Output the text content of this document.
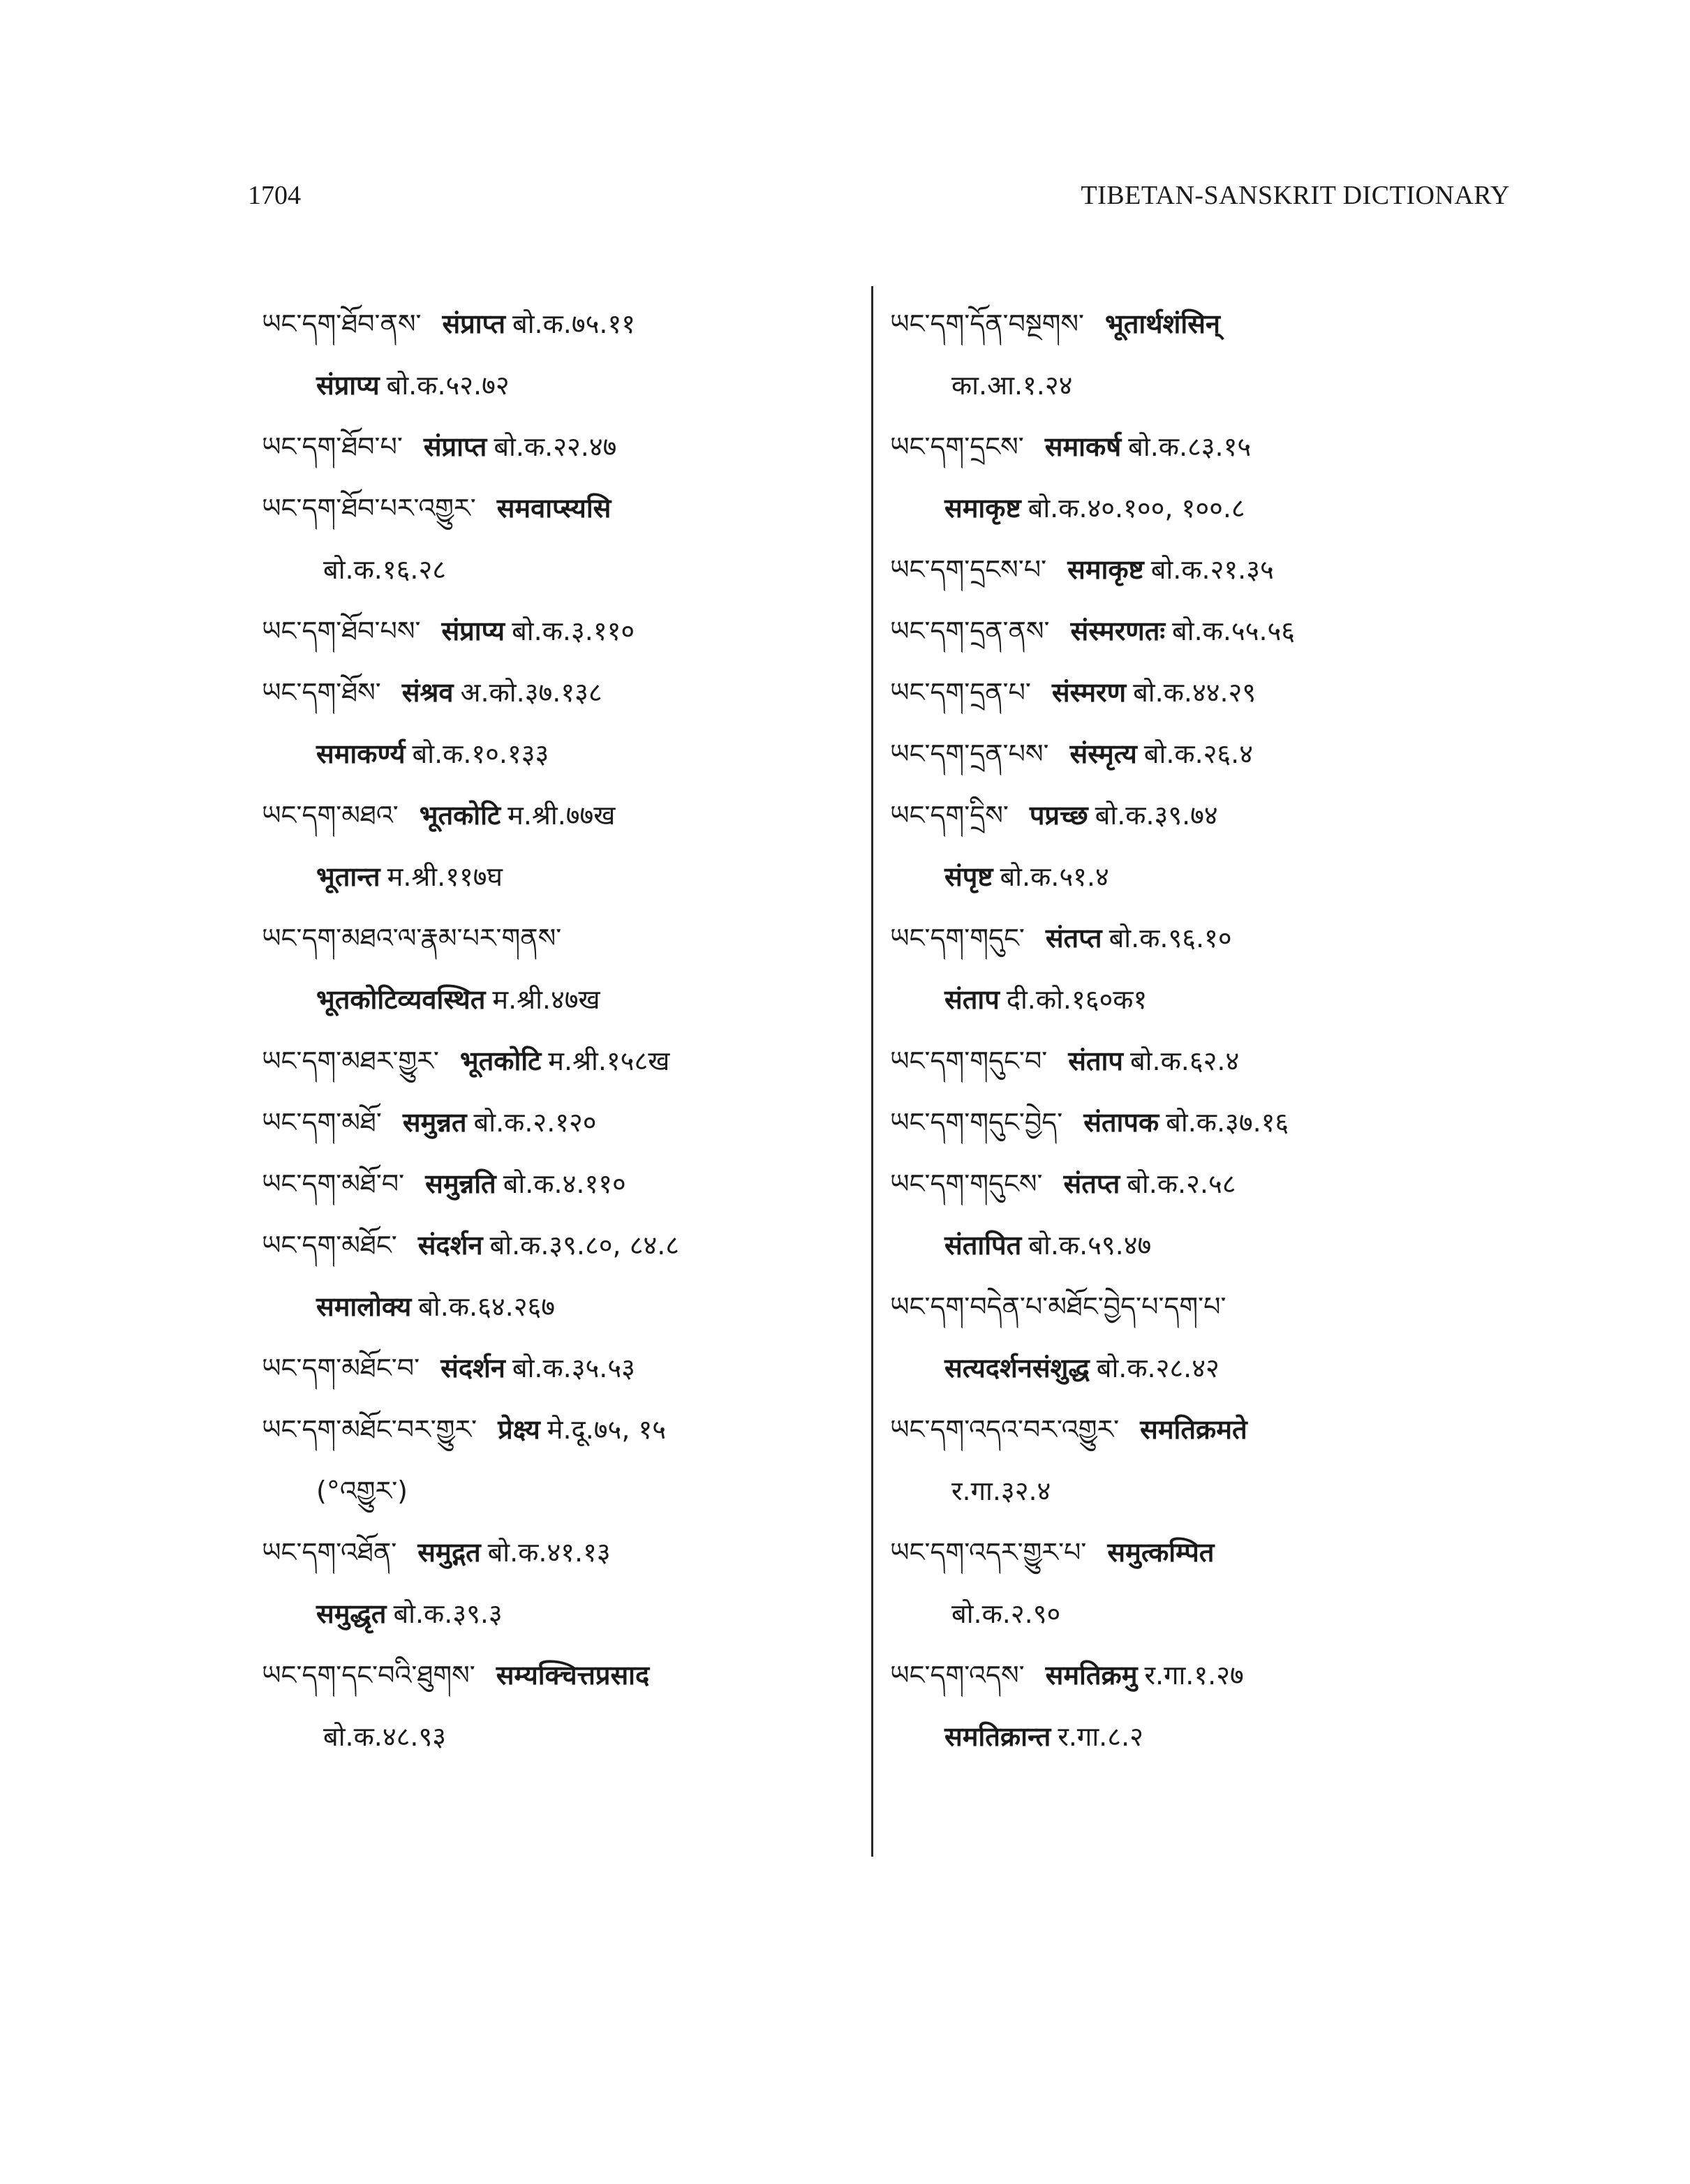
1704	TIBETAN-SANSKRIT DICTIONARY
ཡང་དག་ཐོབ་ནས་ संप्राप्त बो.क.७५.११
संप्राप्य बो.क.५२.७२
ཡང་དག་ཐོབ་པ་ संप्राप्त बो.क.२२.४७
ཡང་དག་ཐོབ་པར་འགྱུར་ समवाप्स्यसि
बो.क.१६.२८
ཡང་དག་ཐོབ་པས་ संप्राप्य बो.क.३.११०
ཡང་དག་ཐོས་ संश्रव अ.को.३७.१३८
समाकर्ण्य बो.क.१०.१३३
ཡང་དག་མཐའ་ भूतकोटि म.श्री.७७ख
भूतान्त म.श्री.११७घ
ཡང་དག་མཐའ་ལ་རྣམ་པར་གནས་
भूतकोटिव्यवस्थित म.श्री.४७ख
ཡང་དག་མཐར་གྱུར་ भूतकोटि म.श्री.१५८ख
ཡང་དག་མཐོ་ समुन्नत बो.क.२.१२०
ཡང་དག་མཐོ་བ་ समुन्नति बो.क.४.११०
ཡང་དག་མཐོང་ संदर्शन बो.क.३९.८०, ८४.८
समालोक्य बो.क.६४.२६७
ཡང་དག་མཐོང་བ་ संदर्शन बो.क.३५.५३
ཡང་དག་མཐོང་བར་གྱུར་ प्रेक्ष्य मे.दू.७५, १५
(°འགྱུར་)
ཡང་དག་འཐོན་ समुद्गत बो.क.४१.१३
समुद्धृत बो.क.३९.३
ཡང་དག་དང་བའི་ཐུགས་ सम्यक्चित्तप्रसाद
बो.क.४८.९३
ཡང་དག་དོན་བསྔགས་ भूतार्थशंसिन्
का.आ.१.२४
ཡང་དག་དྲངས་ समाकर्ष बो.क.८३.१५
समाकृष्ट बो.क.४०.१००, १००.८
ཡང་དག་དྲངས་པ་ समाकृष्ट बो.क.२१.३५
ཡང་དག་དྲན་ནས་ संस्मरणतः बो.क.५५.५६
ཡང་དག་དྲན་པ་ संस्मरण बो.क.४४.२९
ཡང་དག་དྲན་པས་ संस्मृत्य बो.क.२६.४
ཡང་དག་དྲིས་ पप्रच्छ बो.क.३९.७४
संपृष्ट बो.क.५१.४
ཡང་དག་གདུང་ संतप्त बो.क.९६.१०
संताप दी.को.१६०क१
ཡང་དག་གདུང་བ་ संताप बो.क.६२.४
ཡང་དག་གདུང་བྱེད་ संतापक बो.क.३७.१६
ཡང་དག་གདུངས་ संतप्त बो.क.२.५८
संतापित बो.क.५९.४७
ཡང་དག་བདེན་པ་མཐོང་བྱེད་པ་དག་པ་
सत्यदर्शनसंशुद्ध बो.क.२८.४२
ཡང་དག་འདའ་བར་འགྱུར་ समतिक्रमते
र.गा.३२.४
ཡང་དག་འདར་གྱུར་པ་ समुत्कम्पित
बो.क.२.९०
ཡང་དག་འདས་ समतिक्रमु र.गा.१.२७
समतिक्रान्त र.गा.८.२
